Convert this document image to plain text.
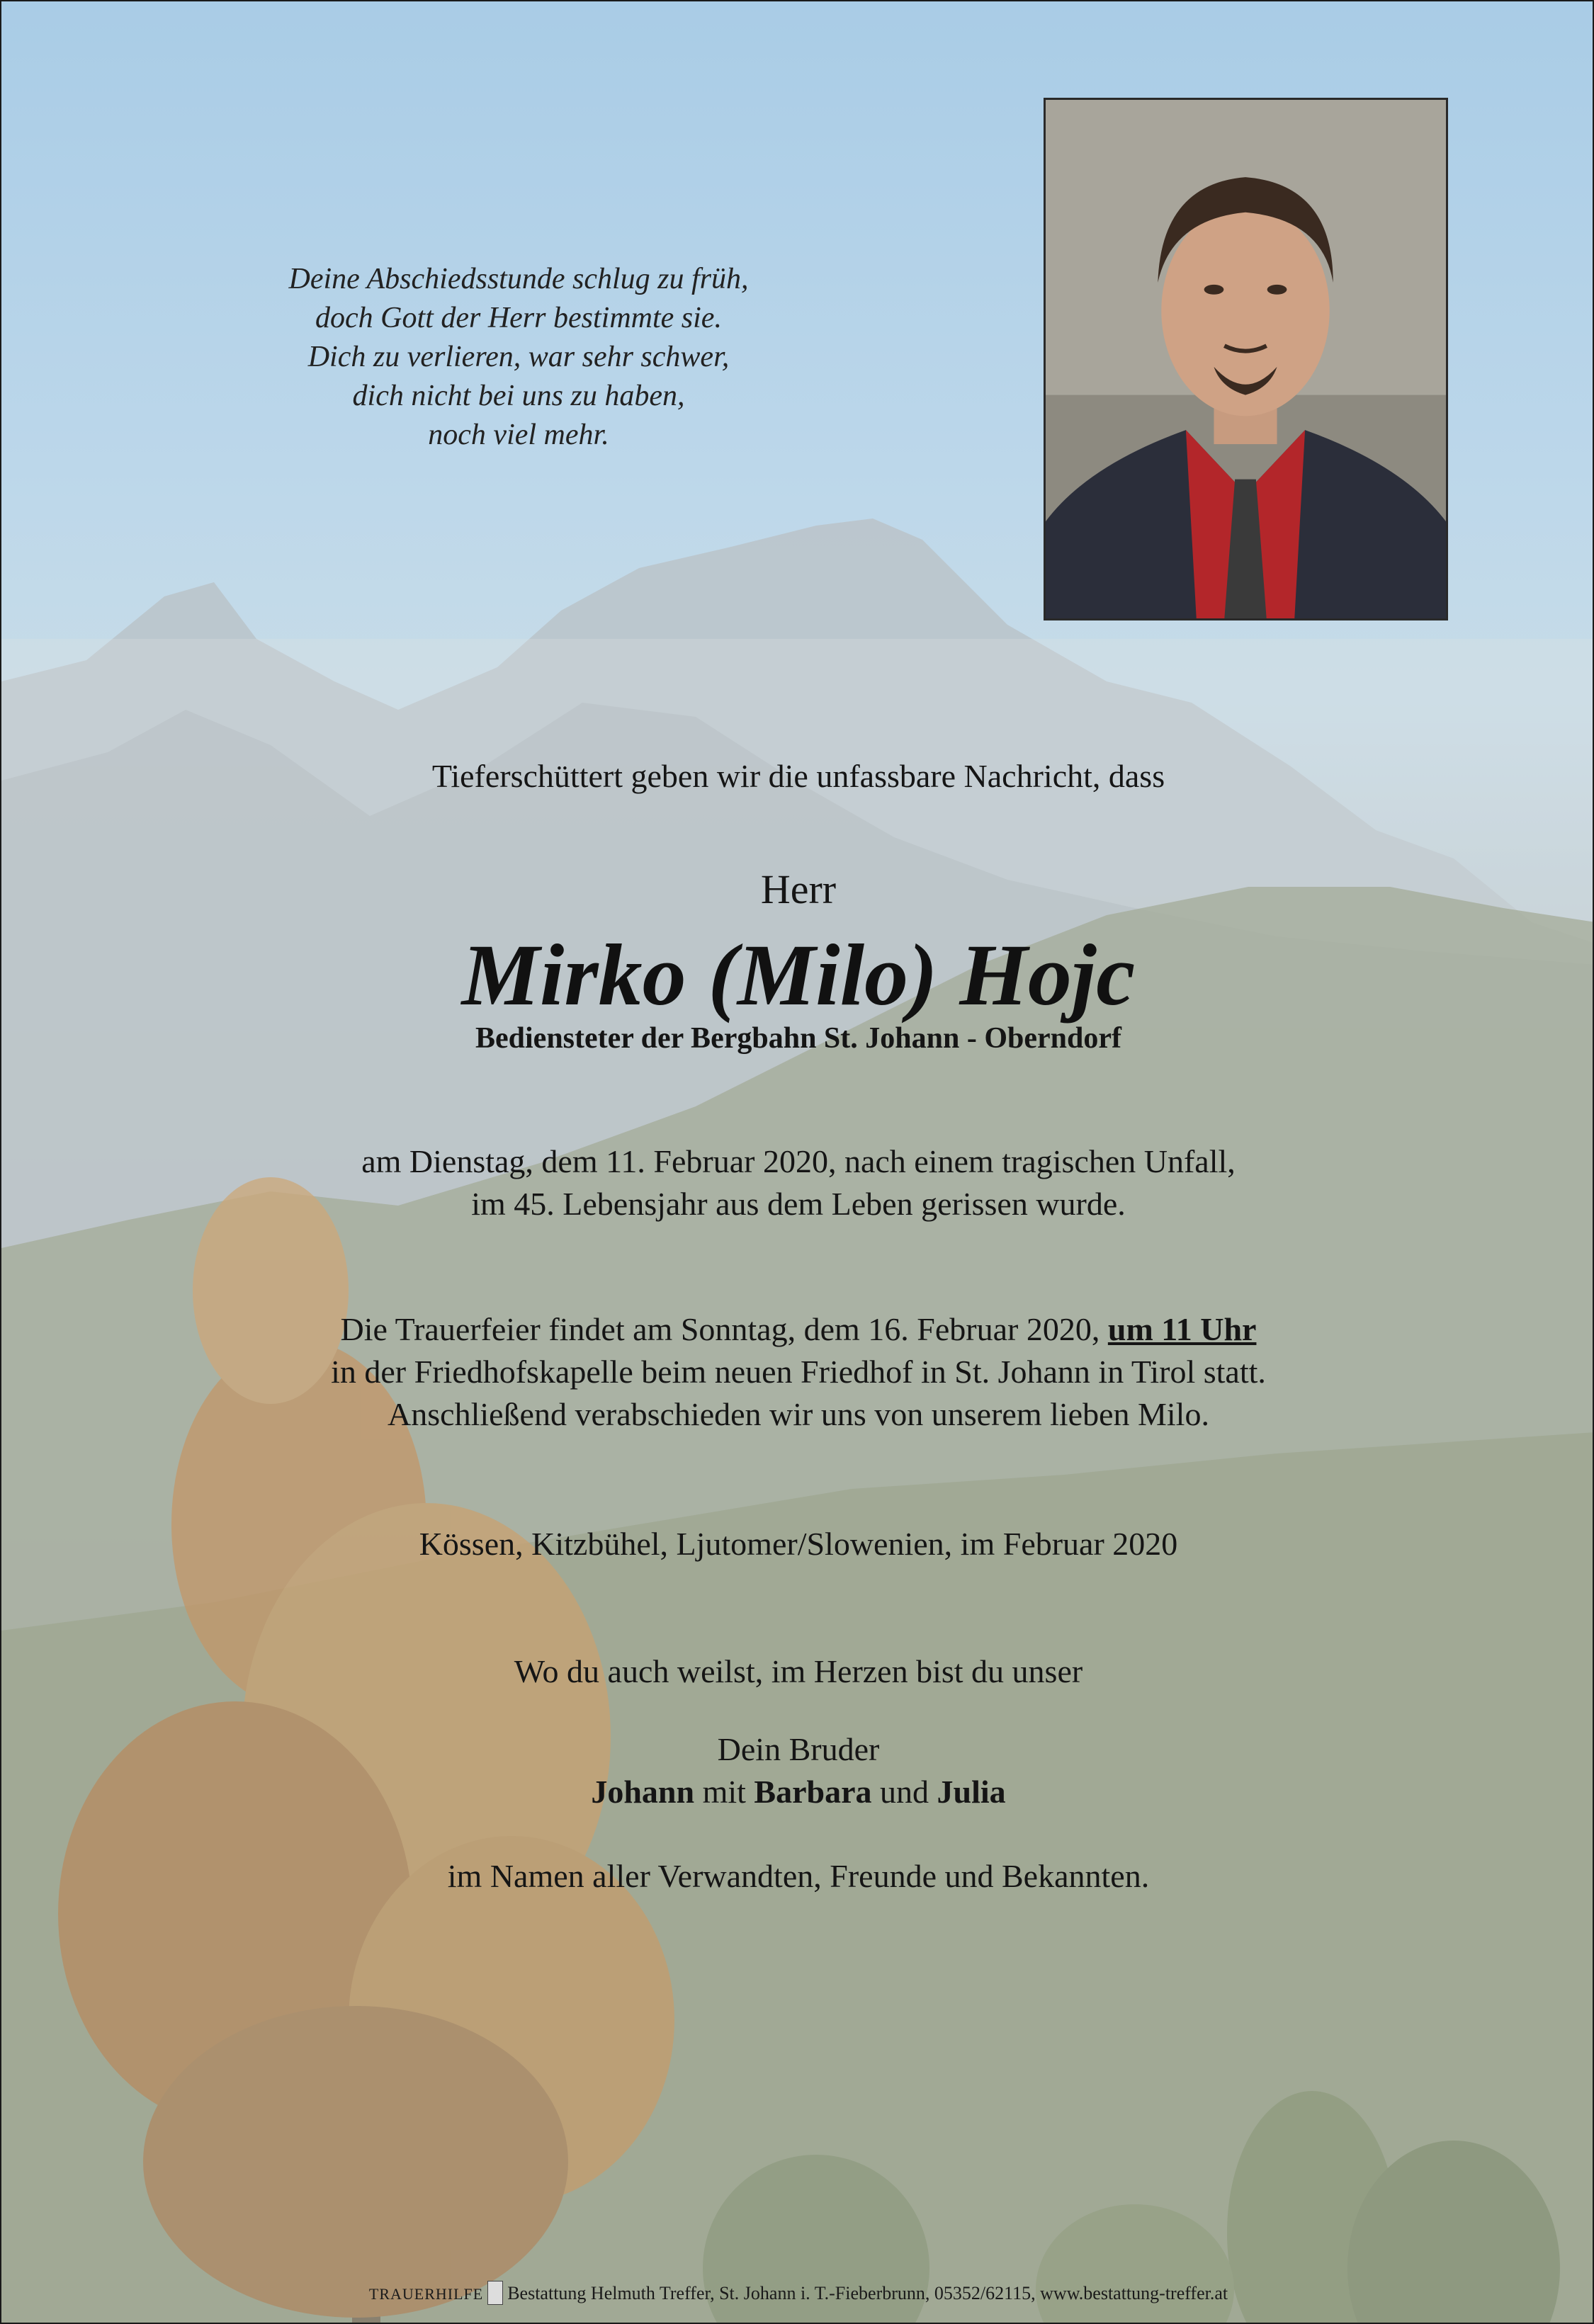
Deine Abschiedsstunde schlug zu früh,
doch Gott der Herr bestimmte sie.
Dich zu verlieren, war sehr schwer,
dich nicht bei uns zu haben,
noch viel mehr.
Tieferschüttert geben wir die unfassbare Nachricht, dass
Herr
Mirko (Milo) Hojc
Bediensteter der Bergbahn St. Johann - Oberndorf
am Dienstag, dem 11. Februar 2020, nach einem tragischen Unfall,
im 45. Lebensjahr aus dem Leben gerissen wurde.
Die Trauerfeier findet am Sonntag, dem 16. Februar 2020, um 11 Uhr
in der Friedhofskapelle beim neuen Friedhof in St. Johann in Tirol statt.
Anschließend verabschieden wir uns von unserem lieben Milo.
Kössen, Kitzbühel, Ljutomer/Slowenien, im Februar 2020
Wo du auch weilst, im Herzen bist du unser
Dein Bruder
Johann mit Barbara und Julia
im Namen aller Verwandten, Freunde und Bekannten.
TRAUERHILFE Bestattung Helmuth Treffer, St. Johann i. T.-Fieberbrunn, 05352/62115, www.bestattung-treffer.at
